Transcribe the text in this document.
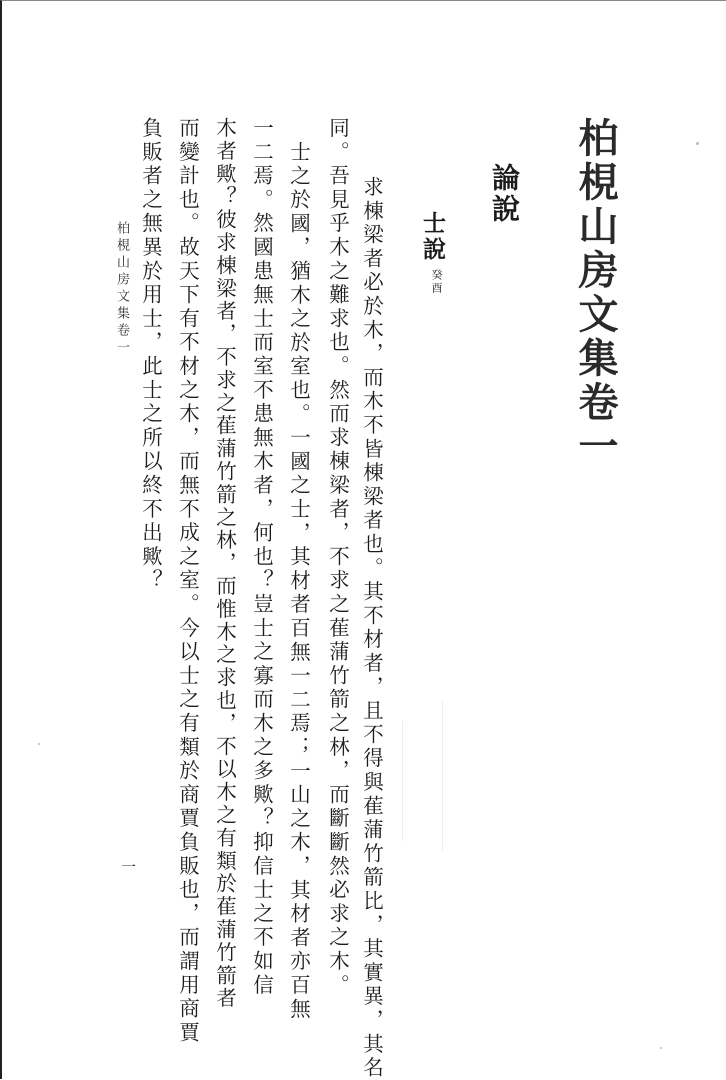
柏梘山房文集卷一
論說
士說
癸酉
求棟梁者必於木，而木不皆棟梁者也。其不材者，且不得與萑蒲竹箭比，其實異，其名
同。吾見乎木之難求也。然而求棟梁者，不求之萑蒲竹箭之林，而斷斷然必求之木。
士之於國，猶木之於室也。一國之士，其材者百無一二焉；一山之木，其材者亦百無
一二焉。然國患無士而室不患無木者，何也？豈士之寡而木之多歟？抑信士之不如信
木者歟？彼求棟梁者，不求之萑蒲竹箭之林，而惟木之求也，不以木之有類於萑蒲竹箭者
而變計也。故天下有不材之木，而無不成之室。今以士之有類於商賈負販也，而謂用商賈
負販者之無異於用士，此士之所以終不出歟？
柏梘山房文集卷一
一
